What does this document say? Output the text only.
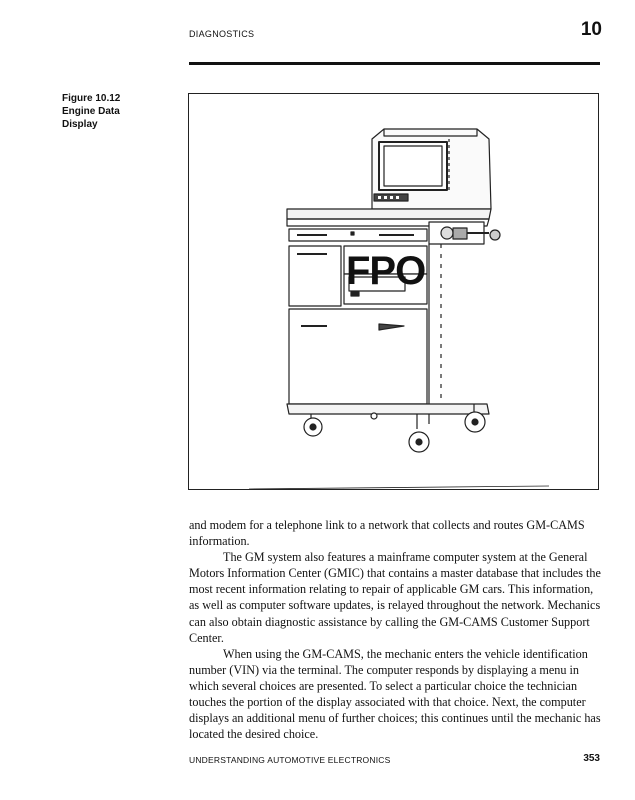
DIAGNOSTICS	10
Figure 10.12
Engine Data
Display
FPO

and modem for a telephone link to a network that collects and routes GM-CAMS information.

The GM system also features a mainframe computer system at the General Motors Information Center (GMIC) that contains a master database that includes the most recent information relating to repair of applicable GM cars. This information, as well as computer software updates, is relayed throughout the network. Mechanics can also obtain diagnostic assistance by calling the GM-CAMS Customer Support Center.

When using the GM-CAMS, the mechanic enters the vehicle identification number (VIN) via the terminal. The computer responds by displaying a menu in which several choices are presented. To select a particular choice the technician touches the portion of the display associated with that choice. Next, the computer displays an additional menu of further choices; this continues until the mechanic has located the desired choice.

UNDERSTANDING AUTOMOTIVE ELECTRONICS	353
